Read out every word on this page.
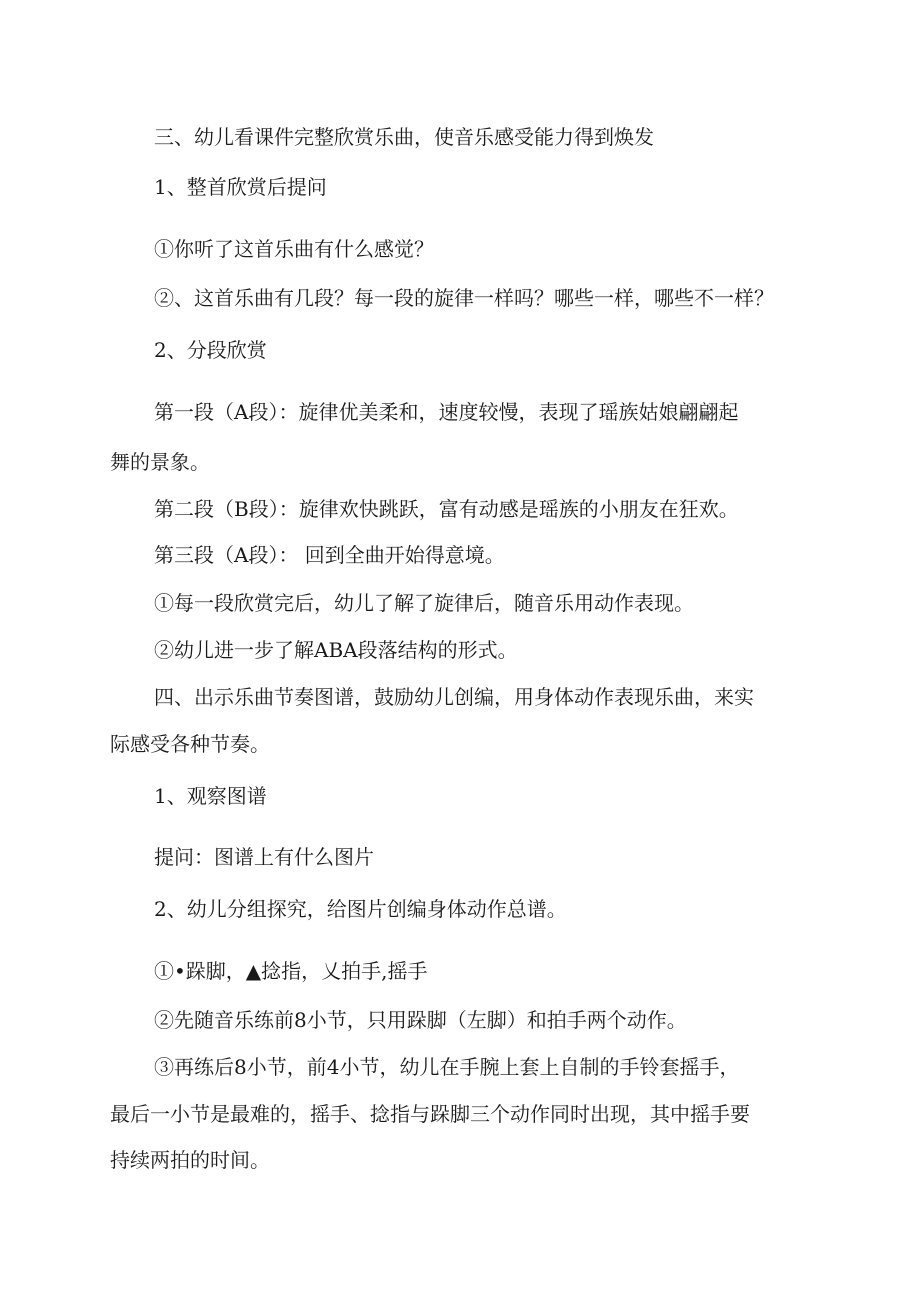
三、幼儿看课件完整欣赏乐曲，使音乐感受能力得到焕发

1、整首欣赏后提问

①你听了这首乐曲有什么感觉？

②、这首乐曲有几段？每一段的旋律一样吗？哪些一样，哪些不一样？

2、分段欣赏

第一段（A段）：旋律优美柔和，速度较慢，表现了瑶族姑娘翩翩起

舞的景象。

第二段（B段）：旋律欢快跳跃，富有动感是瑶族的小朋友在狂欢。

第三段（A段）： 回到全曲开始得意境。

①每一段欣赏完后，幼儿了解了旋律后，随音乐用动作表现。

②幼儿进一步了解ABA段落结构的形式。

四、出示乐曲节奏图谱，鼓励幼儿创编，用身体动作表现乐曲，来实

际感受各种节奏。

1、观察图谱

提问：图谱上有什么图片

2、幼儿分组探究，给图片创编身体动作总谱。

①•跺脚，▲捻指，乂拍手,摇手

②先随音乐练前8小节，只用跺脚（左脚）和拍手两个动作。

③再练后8小节，前4小节，幼儿在手腕上套上自制的手铃套摇手，

最后一小节是最难的，摇手、捻指与跺脚三个动作同时出现，其中摇手要

持续两拍的时间。
